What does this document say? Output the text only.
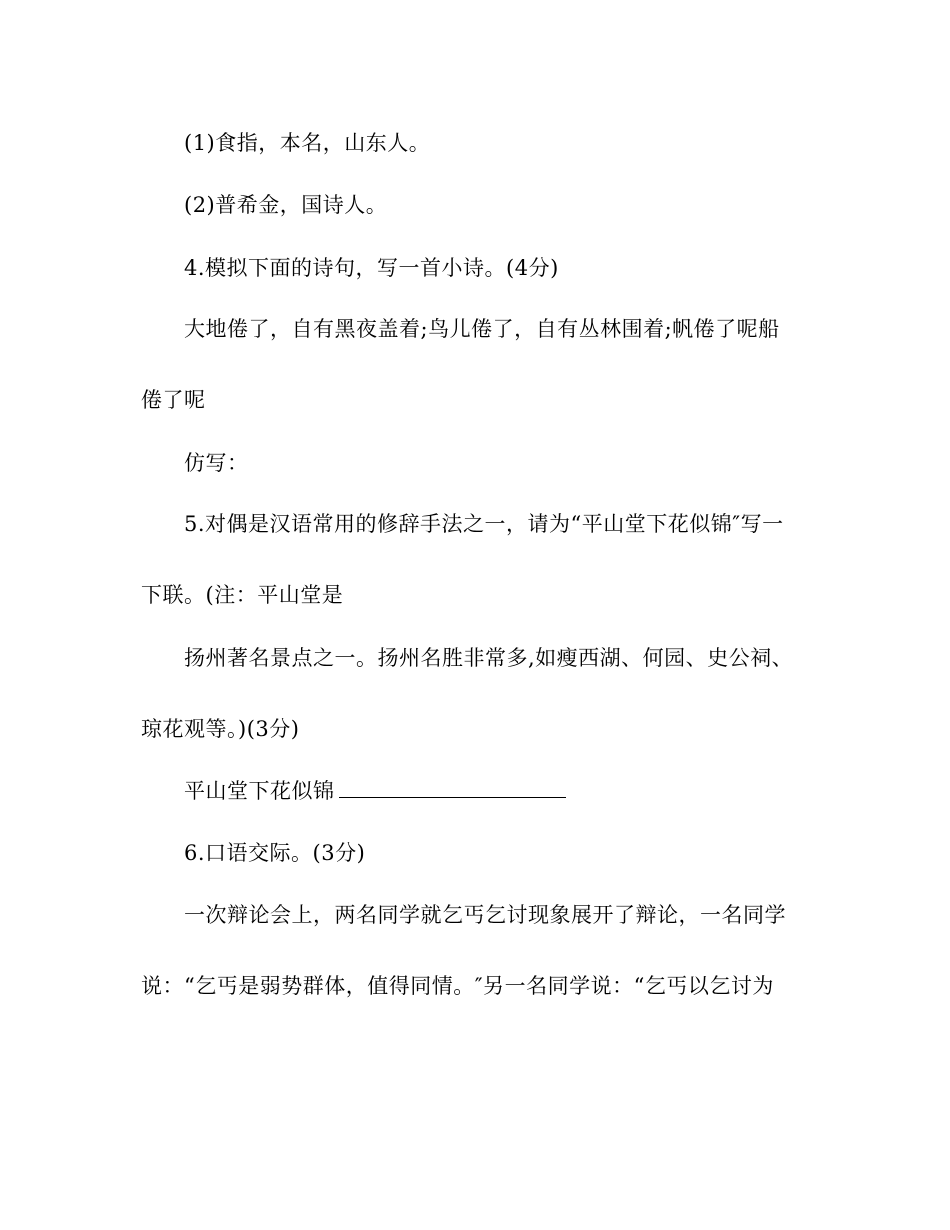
(1)食指，本名，山东人。
(2)普希金，国诗人。
4.模拟下面的诗句，写一首小诗。(4分)
大地倦了，自有黑夜盖着;鸟儿倦了，自有丛林围着;帆倦了呢船
倦了呢
仿写：
5.对偶是汉语常用的修辞手法之一，请为“平山堂下花似锦″写一
下联。(注：平山堂是
扬州著名景点之一。扬州名胜非常多,如瘦西湖、何园、史公祠、
琼花观等。)(3分)
平山堂下花似锦
6.口语交际。(3分)
一次辩论会上，两名同学就乞丐乞讨现象展开了辩论，一名同学
说：“乞丐是弱势群体，值得同情。″另一名同学说：“乞丐以乞讨为
